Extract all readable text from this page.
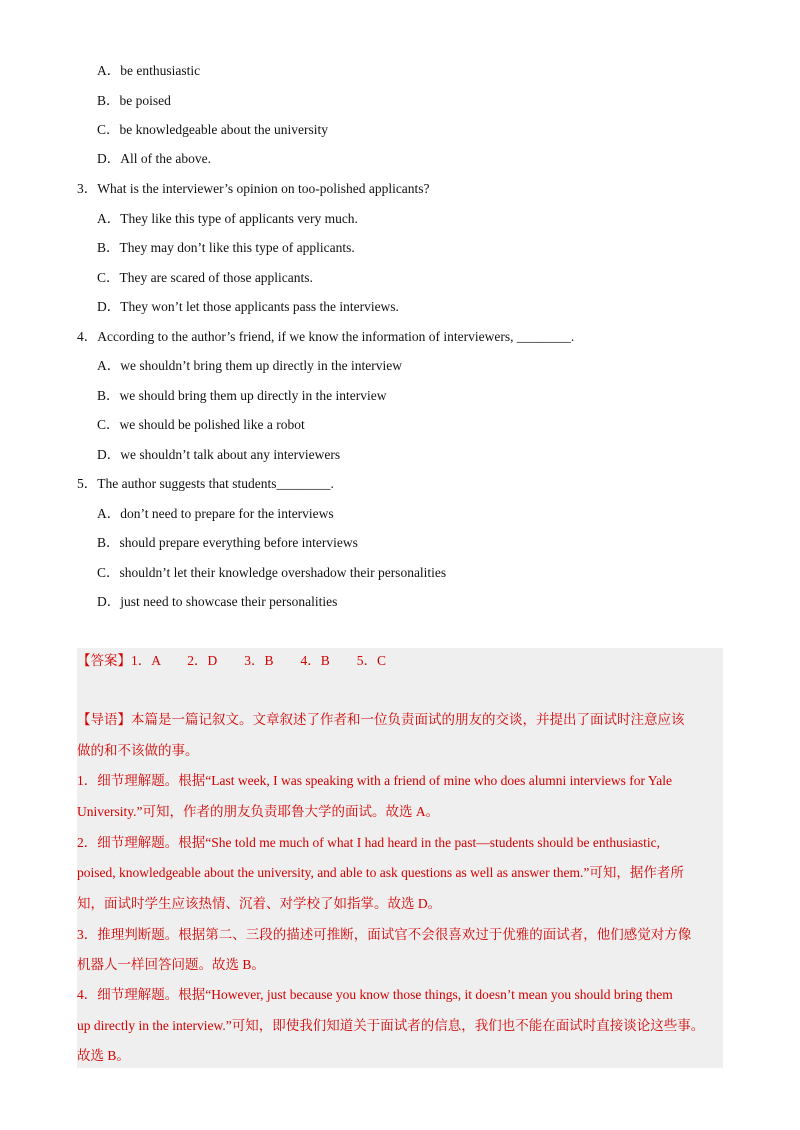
A．be enthusiastic
B．be poised
C．be knowledgeable about the university
D．All of the above.
3．What is the interviewer’s opinion on too-polished applicants?
A．They like this type of applicants very much.
B．They may don’t like this type of applicants.
C．They are scared of those applicants.
D．They won’t let those applicants pass the interviews.
4．According to the author’s friend, if we know the information of interviewers, ________.
A．we shouldn’t bring them up directly in the interview
B．we should bring them up directly in the interview
C．we should be polished like a robot
D．we shouldn’t talk about any interviewers
5．The author suggests that students________.
A．don’t need to prepare for the interviews
B．should prepare everything before interviews
C．shouldn’t let their knowledge overshadow their personalities
D．just need to showcase their personalities
【答案】1．A　　2．D　　3．B　　4．B　　5．C
【导语】本篇是一篇记叙文。文章叙述了作者和一位负责面试的朋友的交谈，并提出了面试时注意应该
做的和不该做的事。
1．细节理解题。根据“Last week, I was speaking with a friend of mine who does alumni interviews for Yale
University.”可知，作者的朋友负责耶鲁大学的面试。故选 A。
2．细节理解题。根据“She told me much of what I had heard in the past—students should be enthusiastic,
poised, knowledgeable about the university, and able to ask questions as well as answer them.”可知，据作者所
知，面试时学生应该热情、沉着、对学校了如指掌。故选 D。
3．推理判断题。根据第二、三段的描述可推断，面试官不会很喜欢过于优雅的面试者，他们感觉对方像
机器人一样回答问题。故选 B。
4．细节理解题。根据“However, just because you know those things, it doesn’t mean you should bring them
up directly in the interview.”可知，即使我们知道关于面试者的信息，我们也不能在面试时直接谈论这些事。
故选 B。
